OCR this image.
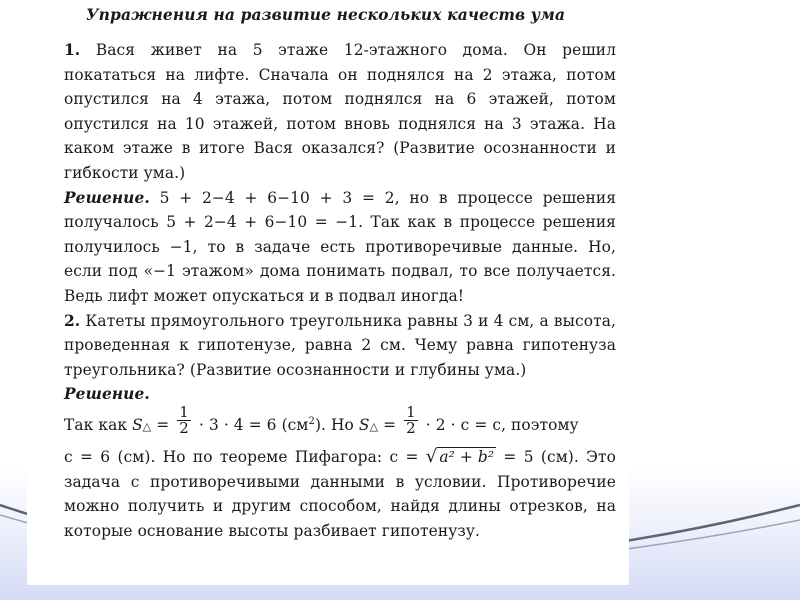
Упражнения на развитие нескольких качеств ума

1. Вася живет на 5 этаже 12-этажного дома. Он решил покататься на лифте. Сначала он поднялся на 2 этажа, потом опустился на 4 этажа, потом поднялся на 6 этажей, потом опустился на 10 этажей, потом вновь поднялся на 3 этажа. На каком этаже в итоге Вася оказался? (Развитие осознанности и гибкости ума.)

Решение. 5 + 2−4 + 6−10 + 3 = 2, но в процессе решения получалось 5 + 2−4 + 6−10 = −1. Так как в процессе решения получилось −1, то в задаче есть противоречивые данные. Но, если под «−1 этажом» дома понимать подвал, то все получается. Ведь лифт может опускаться и в подвал иногда!

2. Катеты прямоугольного треугольника равны 3 и 4 см, а высота, проведенная к гипотенузе, равна 2 см. Чему равна гипотенуза треугольника? (Развитие осознанности и глубины ума.)

Решение.

Так как S△ = $\frac{1}{2} \cdot 3 \cdot 4 = 6$ $(см^2)$. Но S△ = $\frac{1}{2} \cdot 2 \cdot c = c$, поэтому

c = 6 (см). Но по теореме Пифагора: c = √ a² + b² = 5 (см). Это задача с противоречивыми данными в условии. Противоречие можно получить и другим способом, найдя длины отрезков, на которые основание высоты разбивает гипотенузу.
